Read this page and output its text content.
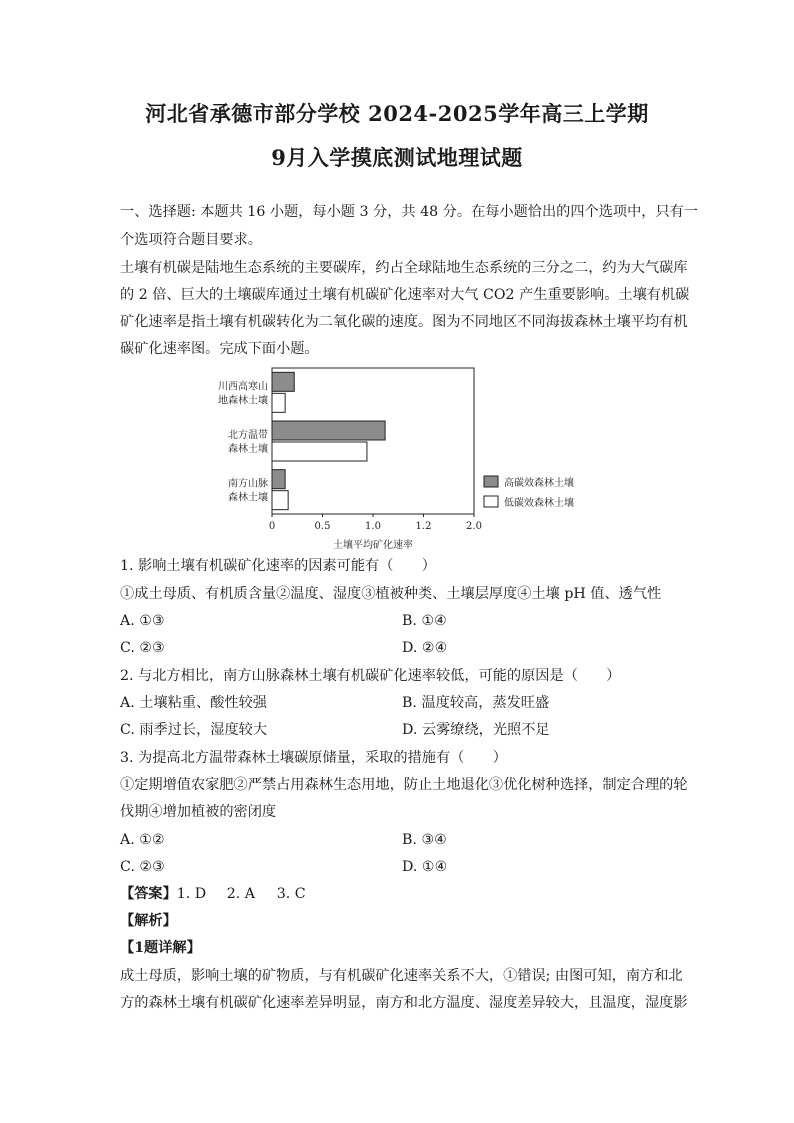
河北省承德市部分学校 2024-2025学年高三上学期
9月入学摸底测试地理试题
一、选择题: 本题共 16 小题，每小题 3 分，共 48 分。在每小题恰出的四个选项中，只有一
个选项符合题目要求。
土壤有机碳是陆地生态系统的主要碳库，约占全球陆地生态系统的三分之二，约为大气碳库
的 2 倍、巨大的土壤碳库通过土壤有机碳矿化速率对大气 CO2 产生重要影响。土壤有机碳
矿化速率是指土壤有机碳转化为二氧化碳的速度。图为不同地区不同海拔森林土壤平均有机
碳矿化速率图。完成下面小题。
川西高寒山
地森林土壤
北方温带
森林土壤
南方山脉
森林土壤
0	0.5	1.0	1.2	2.0
土壤平均矿化速率
高碳效森林土壤
低碳效森林土壤
1. 影响土壤有机碳矿化速率的因素可能有（　　）
①成土母质、有机质含量②温度、湿度③植被种类、土壤层厚度④土壤 pH 值、透气性
A. ①③	B. ①④
C. ②③	D. ②④
2. 与北方相比，南方山脉森林土壤有机碳矿化速率较低，可能的原因是（　　）
A. 土壤粘重、酸性较强	B. 温度较高，蒸发旺盛
C. 雨季过长，湿度较大	D. 云雾缭绕，光照不足
3. 为提高北方温带森林土壤碳原储量，采取的措施有（　　）
①定期增值农家肥②严禁占用森林生态用地，防止土地退化③优化树种选择，制定合理的轮
伐期④增加植被的密闭度
A. ①②	B. ③④
C. ②③	D. ①④
【答案】1. D 2. A 3. C
【解析】
【1题详解】
成土母质，影响土壤的矿物质，与有机碳矿化速率关系不大，①错误; 由图可知，南方和北
方的森林土壤有机碳矿化速率差异明显，南方和北方温度、湿度差异较大，且温度，湿度影
